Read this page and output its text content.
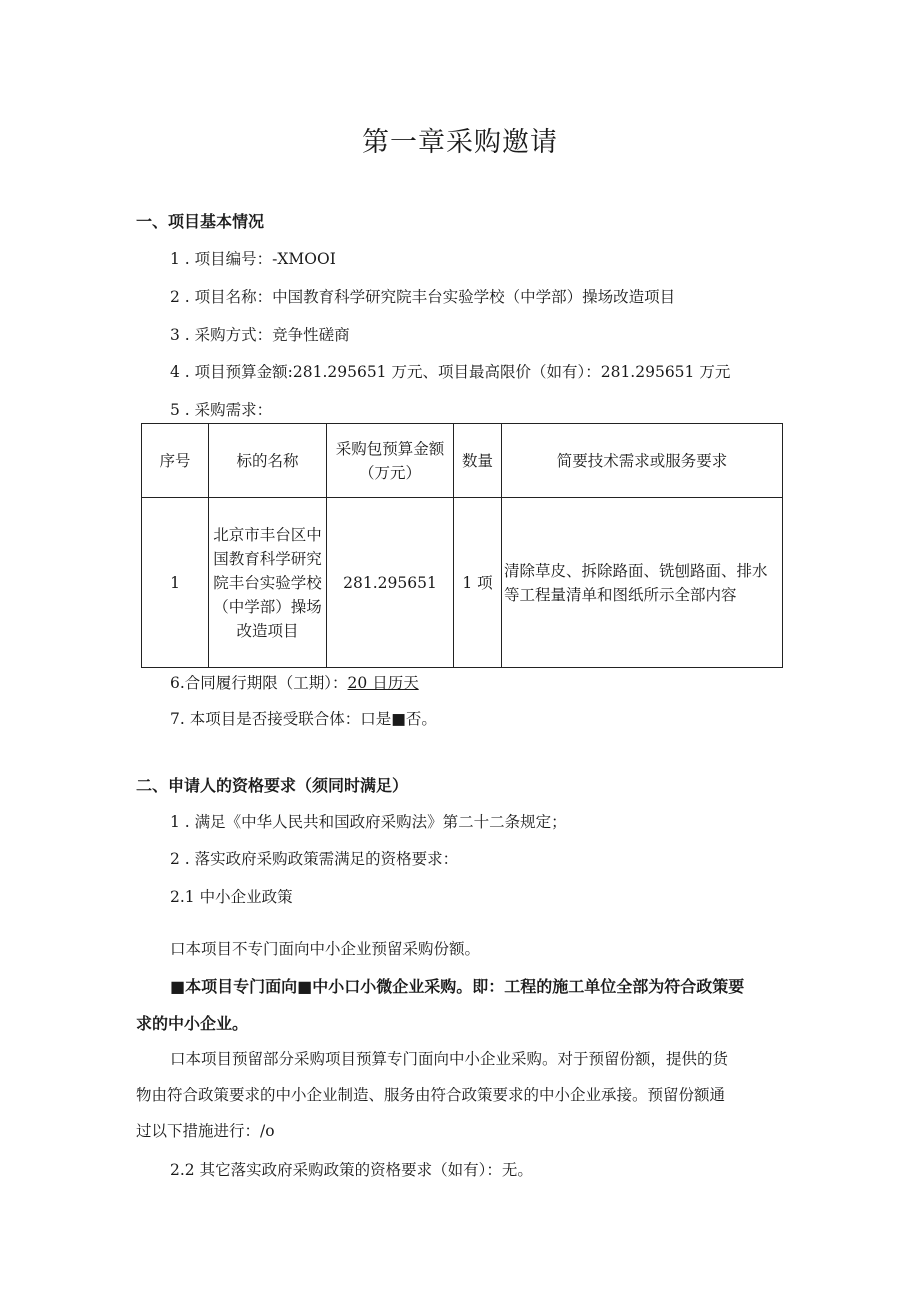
第一章采购邀请
一、项目基本情况
1 . 项目编号：-XMOOI
2 . 项目名称：中国教育科学研究院丰台实验学校（中学部）操场改造项目
3 . 采购方式：竞争性磋商
4 . 项目预算金额:281.295651 万元、项目最高限价（如有）：281.295651 万元
5 . 采购需求：
序号	标的名称	采购包预算金额（万元）	数量	简要技术需求或服务要求
1	北京市丰台区中国教育科学研究院丰台实验学校（中学部）操场改造项目	281.295651	1 项	清除草皮、拆除路面、铣刨路面、排水等工程量清单和图纸所示全部内容
6.合同履行期限（工期）：20 日历天
7. 本项目是否接受联合体：口是■否。
二、申请人的资格要求（须同时满足）
1 . 满足《中华人民共和国政府采购法》第二十二条规定；
2 . 落实政府采购政策需满足的资格要求：
2.1 中小企业政策
口本项目不专门面向中小企业预留采购份额。
■本项目专门面向■中小口小微企业采购。即：工程的施工单位全部为符合政策要
求的中小企业。
口本项目预留部分采购项目预算专门面向中小企业采购。对于预留份额，提供的货
物由符合政策要求的中小企业制造、服务由符合政策要求的中小企业承接。预留份额通
过以下措施进行：/o
2.2 其它落实政府采购政策的资格要求（如有）：无。
